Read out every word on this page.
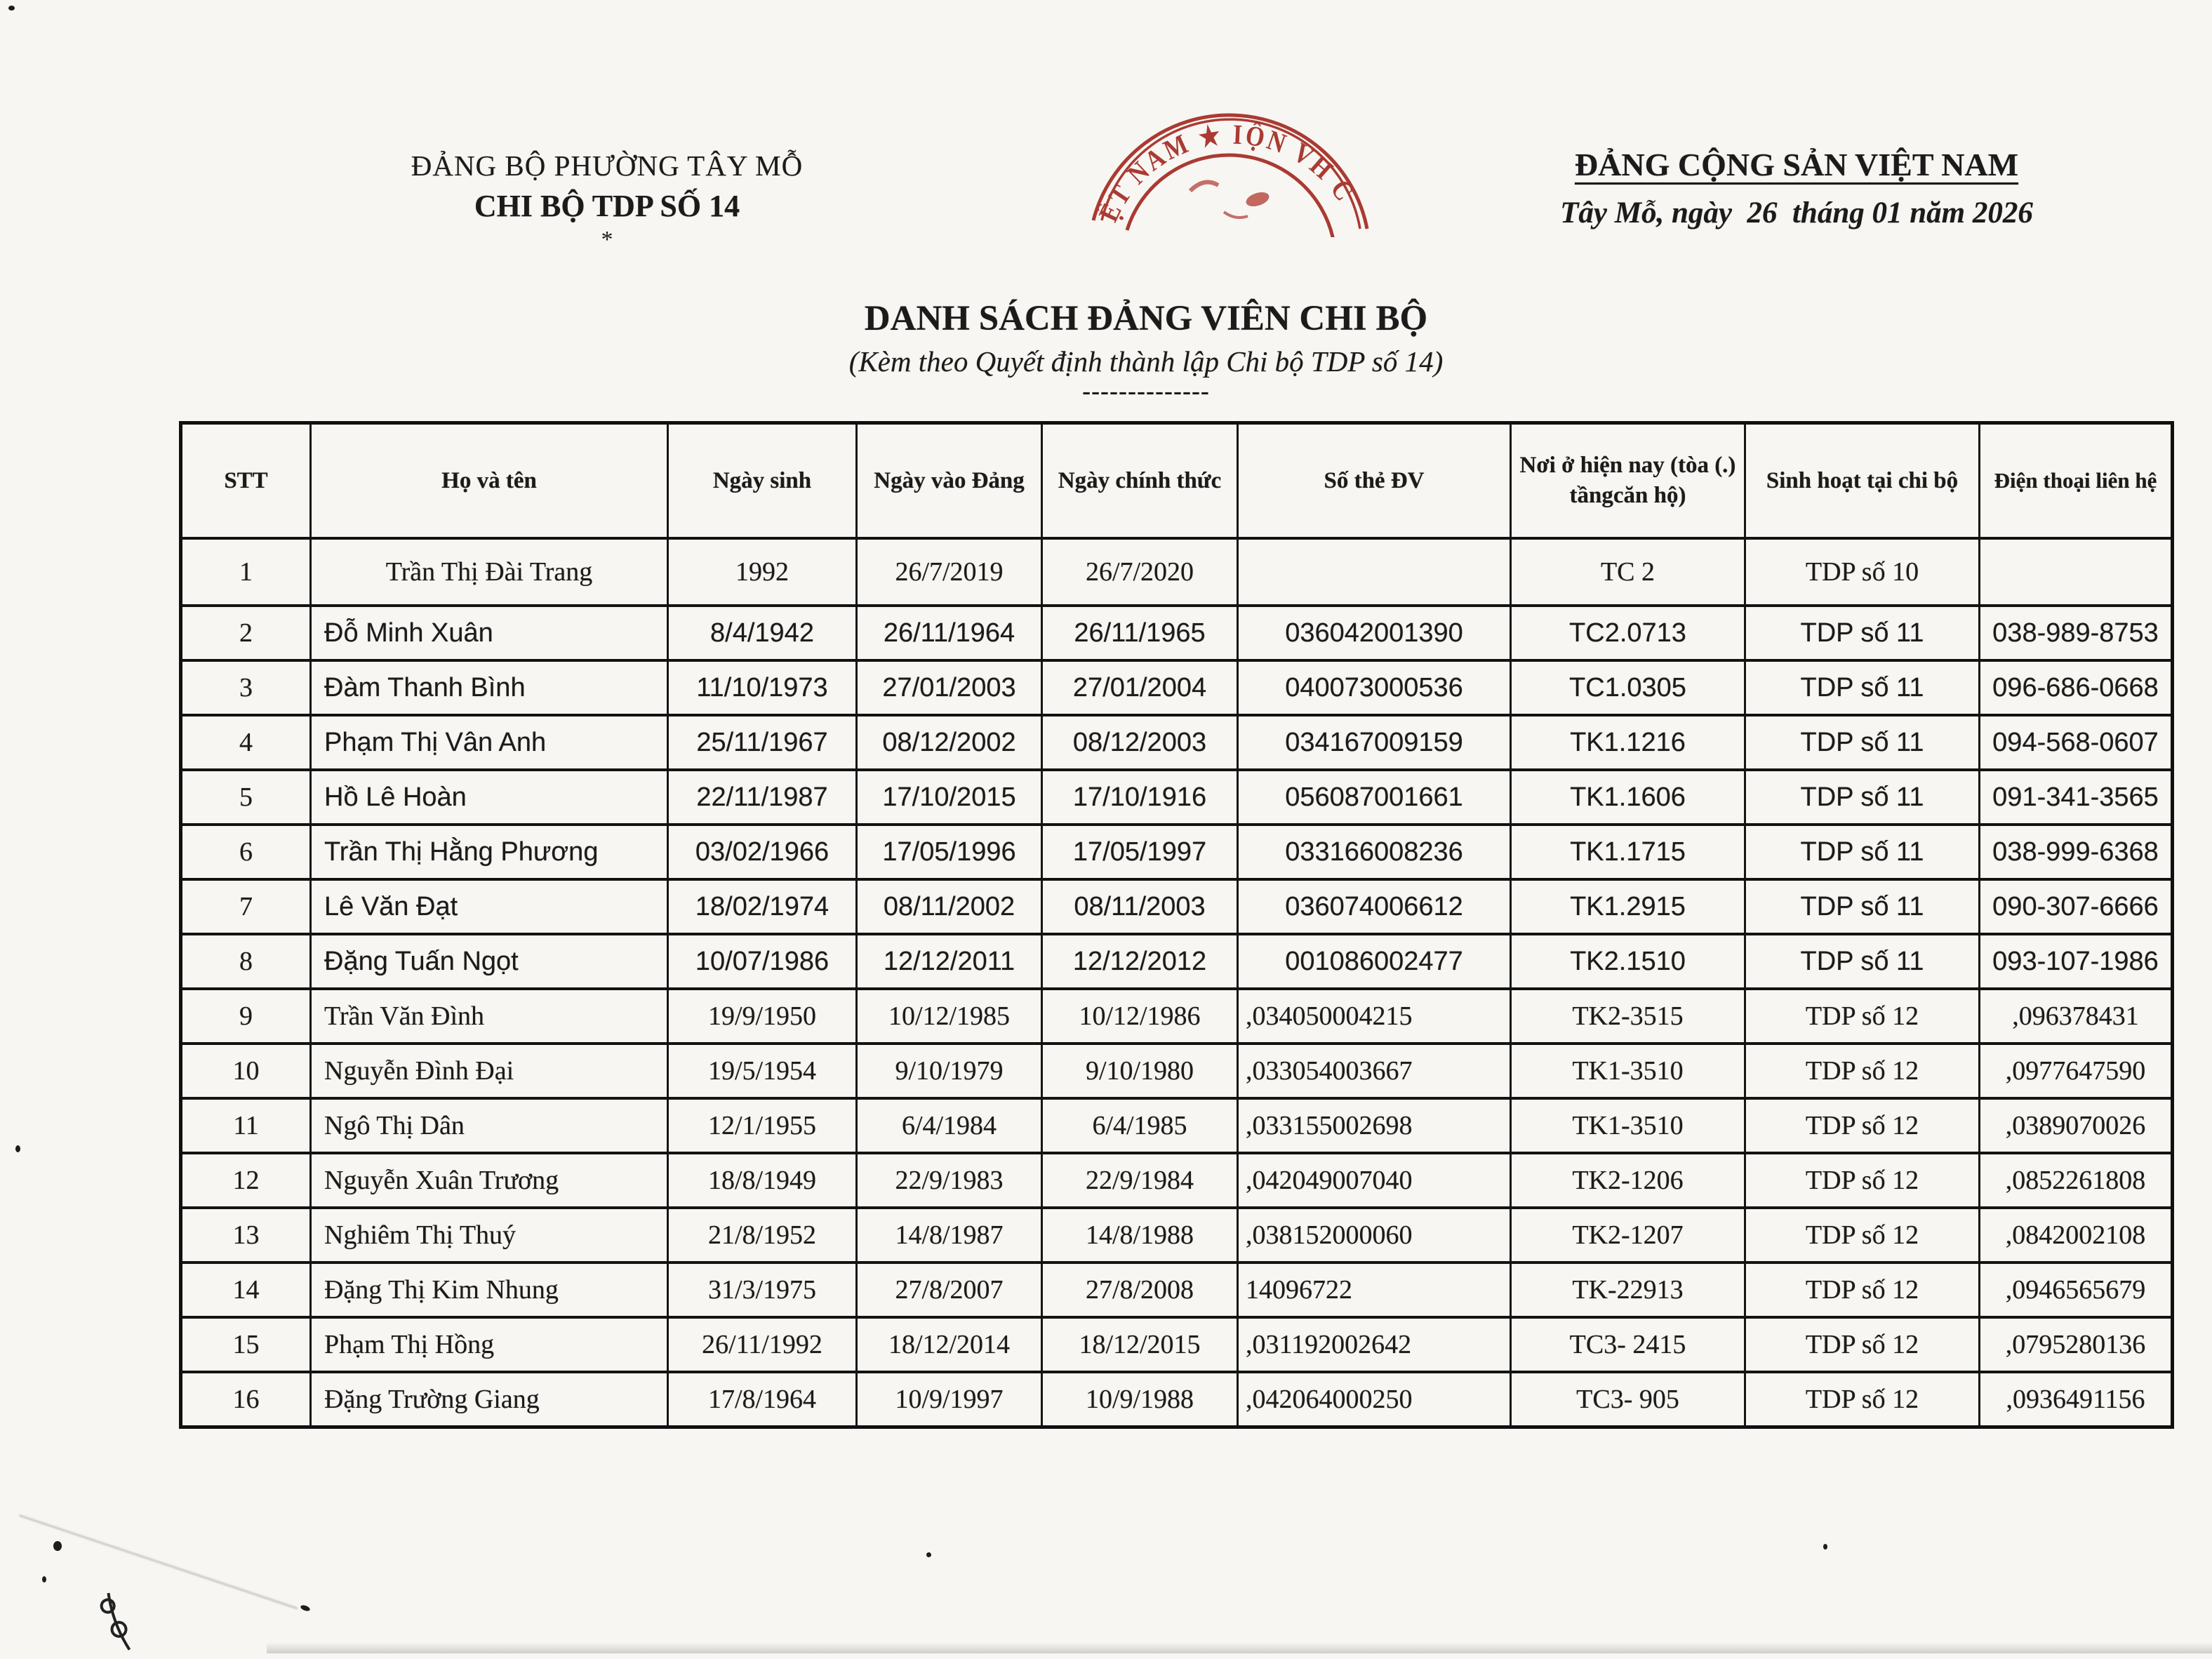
ỆT NAM ★ IỘN VH C
ĐẢNG BỘ PHƯỜNG TÂY MỖ
CHI BỘ TDP SỐ 14
*
ĐẢNG CỘNG SẢN VIỆT NAM
Tây Mỗ, ngày  26  tháng 01 năm 2026
DANH SÁCH ĐẢNG VIÊN CHI BỘ
(Kèm theo Quyết định thành lập Chi bộ TDP số 14)
--------------
STT	Họ và tên	Ngày sinh	Ngày vào Đảng	Ngày chính thức	Số thẻ ĐV	Nơi ở hiện nay (tòa (.) tầngcăn hộ)	Sinh hoạt tại chi bộ	Điện thoại liên hệ
1	Trần Thị Đài Trang	1992	26/7/2019	26/7/2020		TC 2	TDP số 10	
2	Đỗ Minh Xuân	8/4/1942	26/11/1964	26/11/1965	036042001390	TC2.0713	TDP số 11	038-989-8753
3	Đàm Thanh Bình	11/10/1973	27/01/2003	27/01/2004	040073000536	TC1.0305	TDP số 11	096-686-0668
4	Phạm Thị Vân Anh	25/11/1967	08/12/2002	08/12/2003	034167009159	TK1.1216	TDP số 11	094-568-0607
5	Hồ Lê Hoàn	22/11/1987	17/10/2015	17/10/1916	056087001661	TK1.1606	TDP số 11	091-341-3565
6	Trần Thị Hằng Phương	03/02/1966	17/05/1996	17/05/1997	033166008236	TK1.1715	TDP số 11	038-999-6368
7	Lê Văn Đạt	18/02/1974	08/11/2002	08/11/2003	036074006612	TK1.2915	TDP số 11	090-307-6666
8	Đặng Tuấn Ngọt	10/07/1986	12/12/2011	12/12/2012	001086002477	TK2.1510	TDP số 11	093-107-1986
9	Trần Văn Đình	19/9/1950	10/12/1985	10/12/1986	,034050004215	TK2-3515	TDP số 12	,096378431
10	Nguyễn Đình Đại	19/5/1954	9/10/1979	9/10/1980	,033054003667	TK1-3510	TDP số 12	,0977647590
11	Ngô Thị Dân	12/1/1955	6/4/1984	6/4/1985	,033155002698	TK1-3510	TDP số 12	,0389070026
12	Nguyễn Xuân Trương	18/8/1949	22/9/1983	22/9/1984	,042049007040	TK2-1206	TDP số 12	,0852261808
13	Nghiêm Thị Thuý	21/8/1952	14/8/1987	14/8/1988	,038152000060	TK2-1207	TDP số 12	,0842002108
14	Đặng Thị Kim Nhung	31/3/1975	27/8/2007	27/8/2008	14096722	TK-22913	TDP số 12	,0946565679
15	Phạm Thị Hồng	26/11/1992	18/12/2014	18/12/2015	,031192002642	TC3- 2415	TDP số 12	,0795280136
16	Đặng Trường Giang	17/8/1964	10/9/1997	10/9/1988	,042064000250	TC3- 905	TDP số 12	,0936491156
